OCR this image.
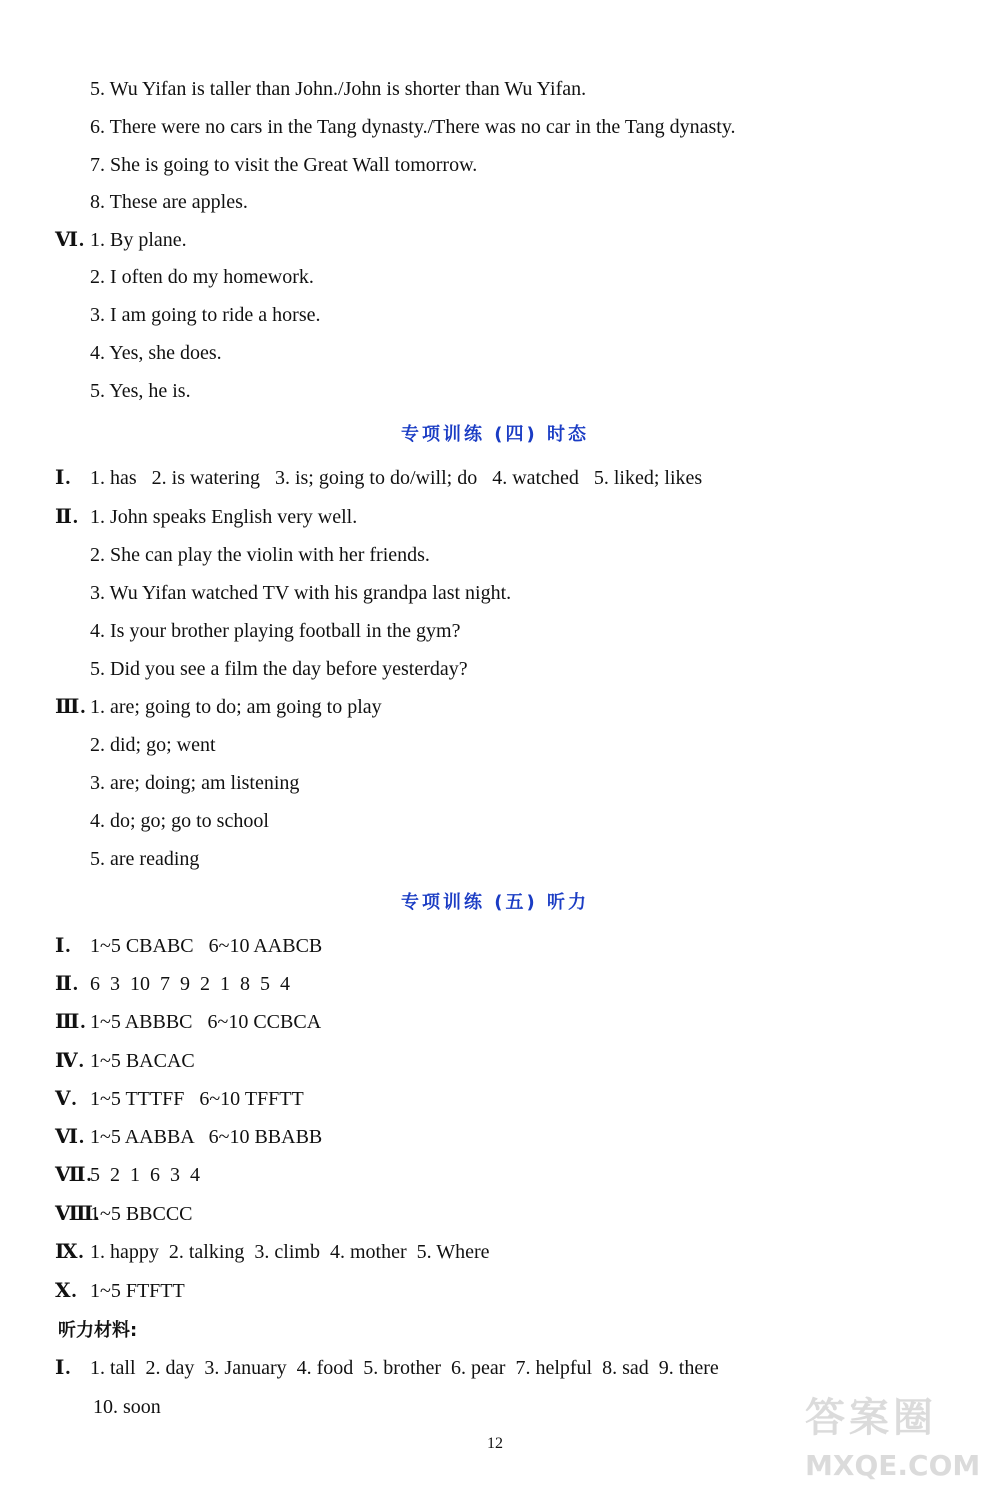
5. Wu Yifan is taller than John./John is shorter than Wu Yifan.
6. There were no cars in the Tang dynasty./There was no car in the Tang dynasty.
7. She is going to visit the Great Wall tomorrow.
8. These are apples.
Ⅵ. 1. By plane.
2. I often do my homework.
3. I am going to ride a horse.
4. Yes, she does.
5. Yes, he is.
专项训练 (四) 时态
Ⅰ. 1. has   2. is watering   3. is; going to do/will; do   4. watched   5. liked; likes
Ⅱ. 1. John speaks English very well.
2. She can play the violin with her friends.
3. Wu Yifan watched TV with his grandpa last night.
4. Is your brother playing football in the gym?
5. Did you see a film the day before yesterday?
Ⅲ. 1. are; going to do; am going to play
2. did; go; went
3. are; doing; am listening
4. do; go; go to school
5. are reading
专项训练 (五) 听力
Ⅰ. 1~5 CBABC   6~10 AABCB
Ⅱ. 6  3  10  7  9  2  1  8  5  4
Ⅲ. 1~5 ABBBC   6~10 CCBCA
Ⅳ. 1~5 BACAC
Ⅴ. 1~5 TTTFF   6~10 TFFTT
Ⅵ. 1~5 AABBA   6~10 BBABB
Ⅶ.
5  2  1  6  3  4
Ⅷ.
1~5 BBCCC
Ⅸ. 1. happy  2. talking  3. climb  4. mother  5. Where
Ⅹ. 1~5 FTFTT
听力材料:
Ⅰ. 1. tall  2. day  3. January  4. food  5. brother  6. pear  7. helpful  8. sad  9. there
10. soon
12
答案圈
MXQE.COM
